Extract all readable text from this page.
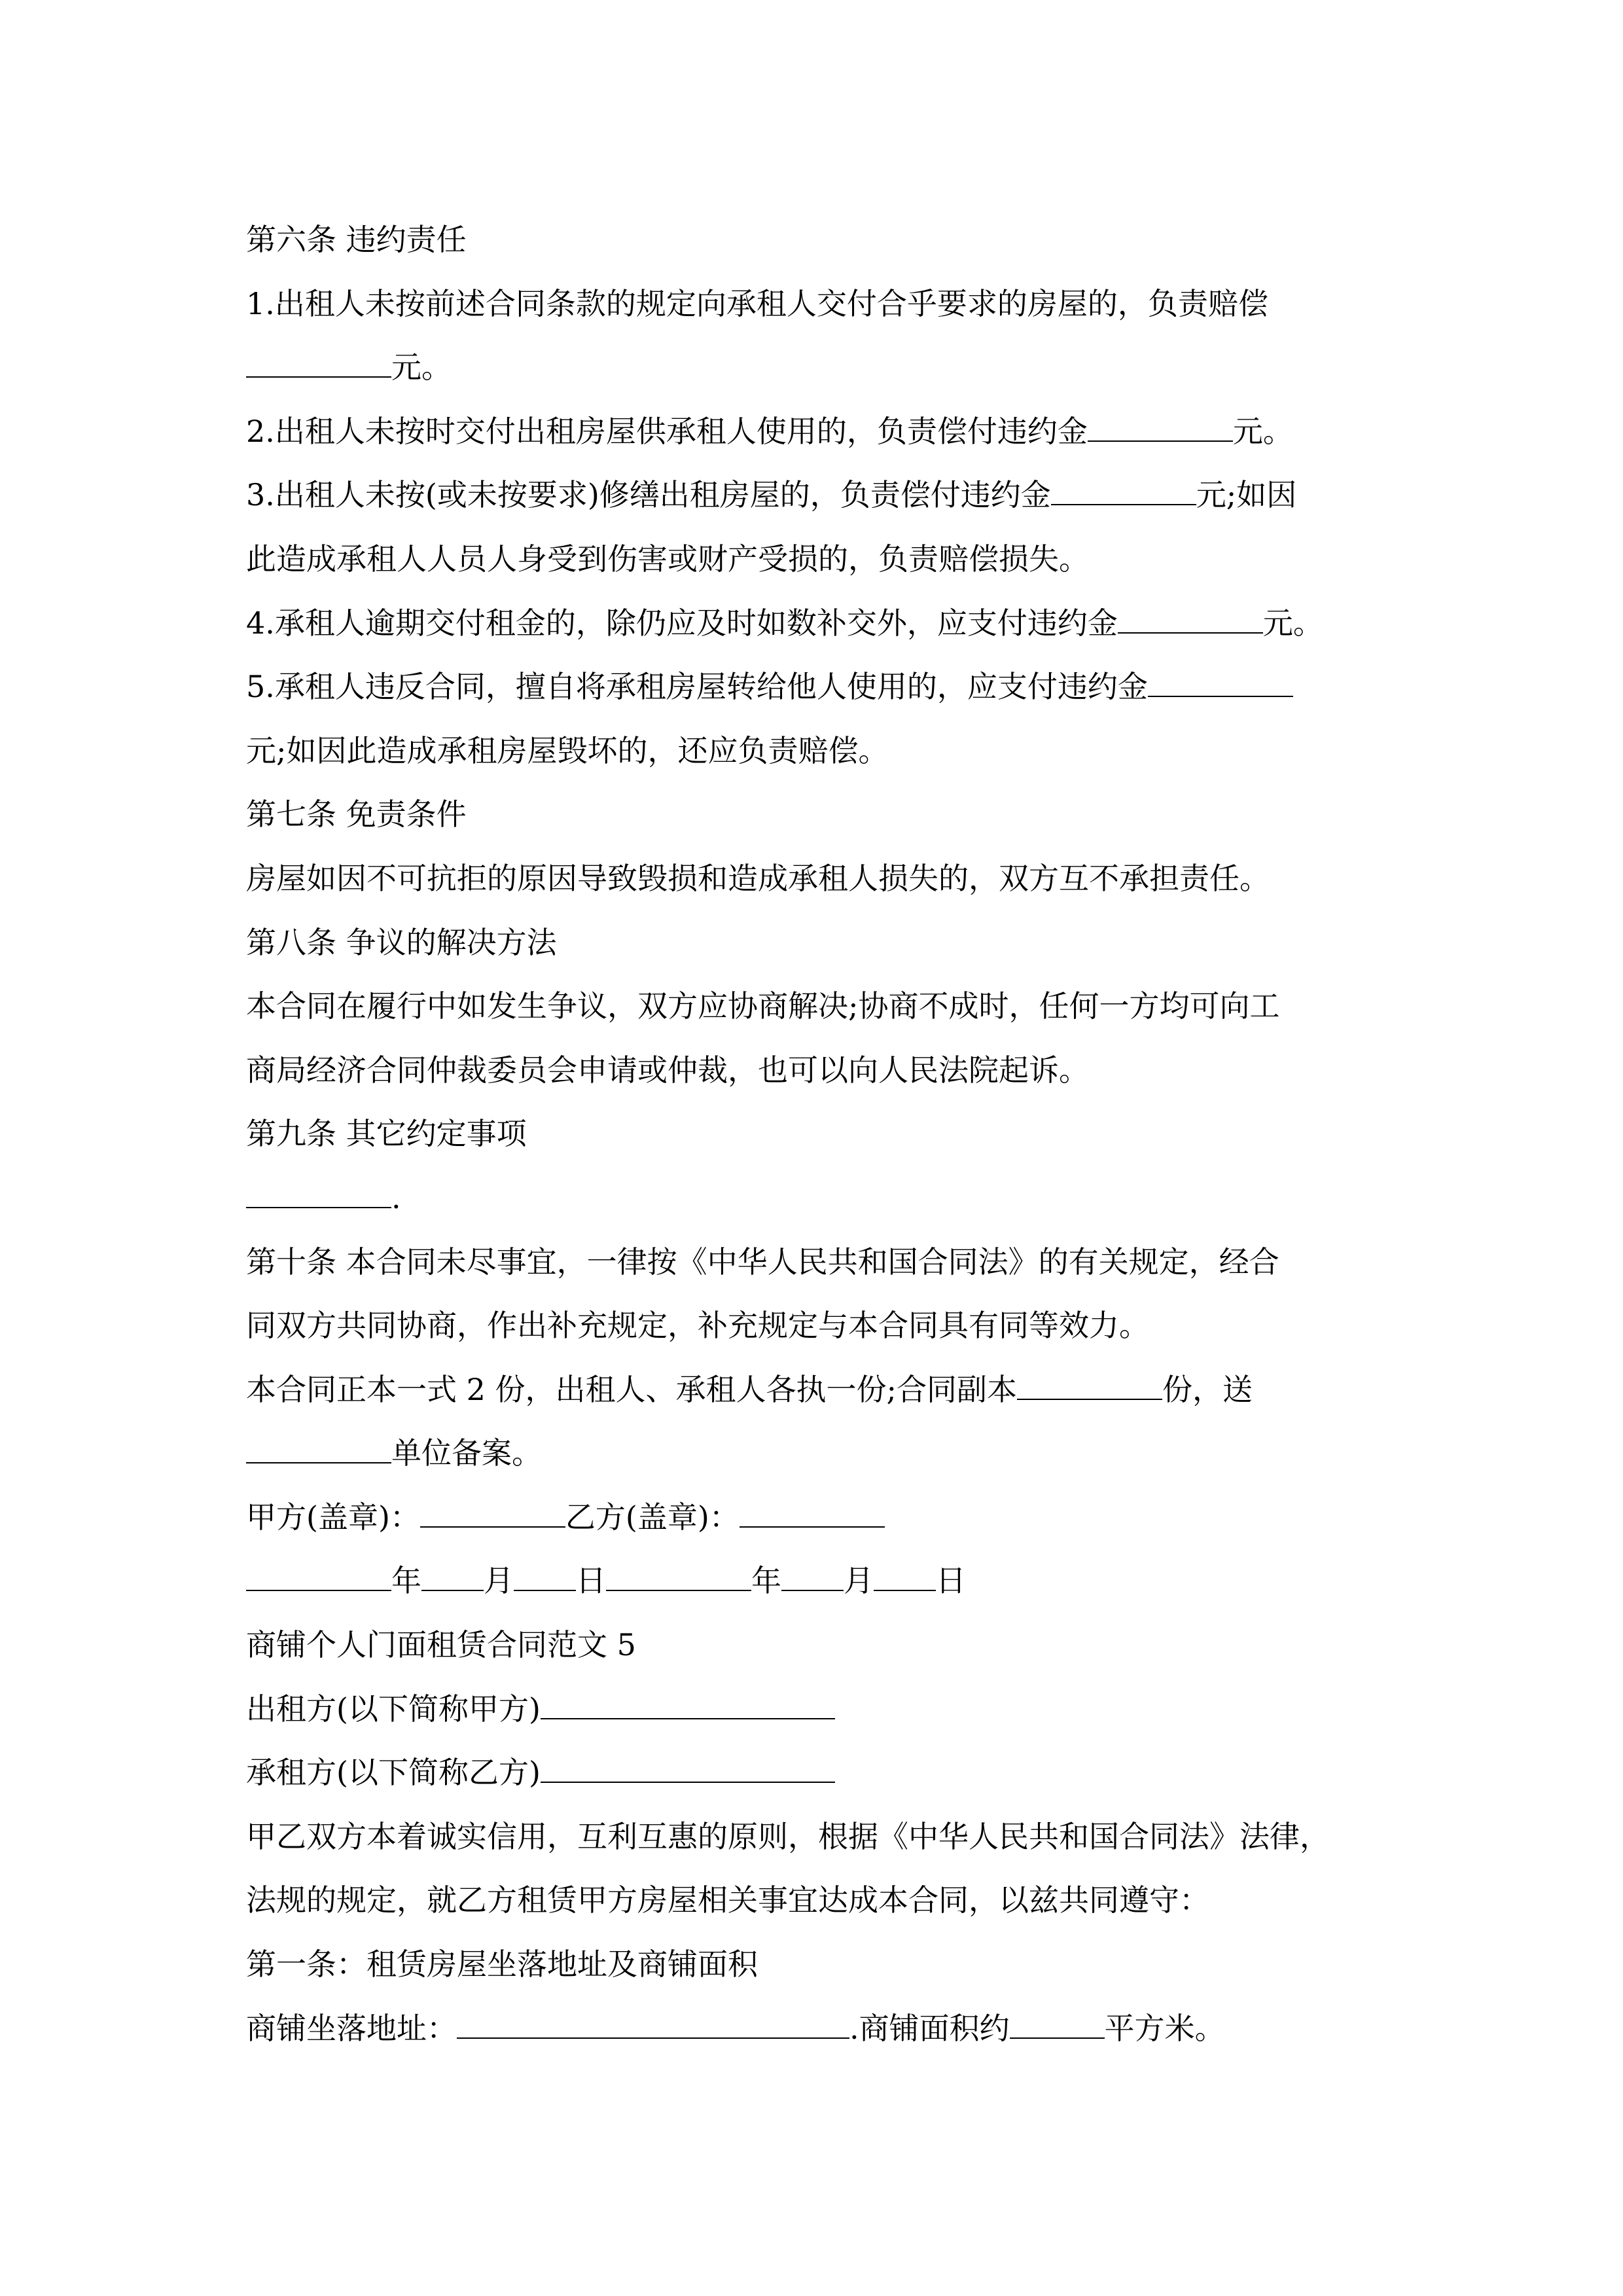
第六条 违约责任
1.出租人未按前述合同条款的规定向承租人交付合乎要求的房屋的，负责赔偿
元。
2.出租人未按时交付出租房屋供承租人使用的，负责偿付违约金	元。
3.出租人未按(或未按要求)修缮出租房屋的，负责偿付违约金	元;如因
此造成承租人人员人身受到伤害或财产受损的，负责赔偿损失。
4.承租人逾期交付租金的，除仍应及时如数补交外，应支付违约金	元。
5.承租人违反合同，擅自将承租房屋转给他人使用的，应支付违约金
元;如因此造成承租房屋毁坏的，还应负责赔偿。
第七条 免责条件
房屋如因不可抗拒的原因导致毁损和造成承租人损失的，双方互不承担责任。
第八条 争议的解决方法
本合同在履行中如发生争议，双方应协商解决;协商不成时，任何一方均可向工
商局经济合同仲裁委员会申请或仲裁，也可以向人民法院起诉。
第九条 其它约定事项
.
第十条 本合同未尽事宜，一律按《中华人民共和国合同法》的有关规定，经合
同双方共同协商，作出补充规定，补充规定与本合同具有同等效力。
本合同正本一式 2 份，出租人、承租人各执一份;合同副本	份，送
单位备案。
甲方(盖章)：	乙方(盖章)：
年 月 日	年 月 日
商铺个人门面租赁合同范文 5
出租方(以下简称甲方)
承租方(以下简称乙方)
甲乙双方本着诚实信用，互利互惠的原则，根据《中华人民共和国合同法》法律，
法规的规定，就乙方租赁甲方房屋相关事宜达成本合同，以兹共同遵守：
第一条：租赁房屋坐落地址及商铺面积
商铺坐落地址：	.商铺面积约	平方米。
